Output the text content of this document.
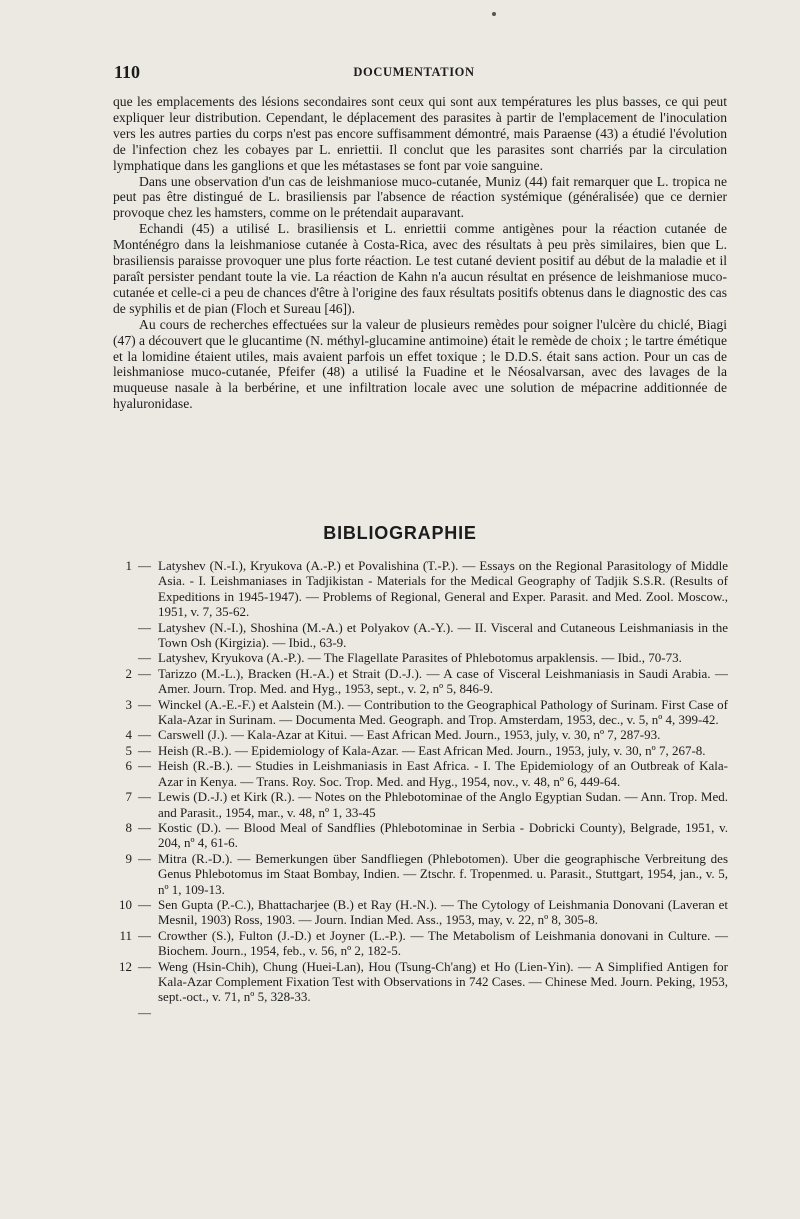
110	DOCUMENTATION

que les emplacements des lésions secondaires sont ceux qui sont aux températures les plus basses, ce qui peut expliquer leur distribution. Cependant, le déplacement des parasites à partir de l'emplacement de l'inoculation vers les autres parties du corps n'est pas encore suffisamment démontré, mais Paraense (43) a étudié l'évolution de l'infection chez les cobayes par L. enriettii. Il conclut que les parasites sont charriés par la circulation lymphatique dans les ganglions et que les métastases se font par voie sanguine.

Dans une observation d'un cas de leishmaniose muco-cutanée, Muniz (44) fait remarquer que L. tropica ne peut pas être distingué de L. brasiliensis par l'absence de réaction systémique (généralisée) que ce dernier provoque chez les hamsters, comme on le prétendait auparavant.

Echandi (45) a utilisé L. brasiliensis et L. enriettii comme antigènes pour la réaction cutanée de Monténégro dans la leishmaniose cutanée à Costa-Rica, avec des résultats à peu près similaires, bien que L. brasiliensis paraisse provoquer une plus forte réaction. Le test cutané devient positif au début de la maladie et il paraît persister pendant toute la vie. La réaction de Kahn n'a aucun résultat en présence de leishmaniose muco-cutanée et celle-ci a peu de chances d'être à l'origine des faux résultats positifs obtenus dans le diagnostic des cas de syphilis et de pian (Floch et Sureau [46]).

Au cours de recherches effectuées sur la valeur de plusieurs remèdes pour soigner l'ulcère du chiclé, Biagi (47) a découvert que le glucantime (N. méthyl-glucamine antimoine) était le remède de choix ; le tartre émétique et la lomidine étaient utiles, mais avaient parfois un effet toxique ; le D.D.S. était sans action. Pour un cas de leishmaniose muco-cutanée, Pfeifer (48) a utilisé la Fuadine et le Néosalvarsan, avec des lavages de la muqueuse nasale à la berbérine, et une infiltration locale avec une solution de mépacrine additionnée de hyaluronidase.

BIBLIOGRAPHIE
1 — Latyshev (N.-I.), Kryukova (A.-P.) et Povalishina (T.-P.). — Essays on the Regional Parasitology of Middle Asia. - I. Leishmaniases in Tadjikistan - Materials for the Medical Geography of Tadjik S.S.R. (Results of Expeditions in 1945-1947). — Problems of Regional, General and Exper. Parasit. and Med. Zool. Moscow., 1951, v. 7, 35-62.
— Latyshev (N.-I.), Shoshina (M.-A.) et Polyakov (A.-Y.). — II. Visceral and Cutaneous Leishmaniasis in the Town Osh (Kirgizia). — Ibid., 63-9.
— Latyshev, Kryukova (A.-P.). — The Flagellate Parasites of Phlebotomus arpaklensis. — Ibid., 70-73.
2 — Tarizzo (M.-L.), Bracken (H.-A.) et Strait (D.-J.). — A case of Visceral Leishmaniasis in Saudi Arabia. — Amer. Journ. Trop. Med. and Hyg., 1953, sept., v. 2, nº 5, 846-9.
3 — Winckel (A.-E.-F.) et Aalstein (M.). — Contribution to the Geographical Pathology of Surinam. First Case of Kala-Azar in Surinam. — Documenta Med. Geograph. and Trop. Amsterdam, 1953, dec., v. 5, nº 4, 399-42.
4 — Carswell (J.). — Kala-Azar at Kitui. — East African Med. Journ., 1953, july, v. 30, nº 7, 287-93.
5 — Heish (R.-B.). — Epidemiology of Kala-Azar. — East African Med. Journ., 1953, july, v. 30, nº 7, 267-8.
6 — Heish (R.-B.). — Studies in Leishmaniasis in East Africa. - I. The Epidemiology of an Outbreak of Kala-Azar in Kenya. — Trans. Roy. Soc. Trop. Med. and Hyg., 1954, nov., v. 48, nº 6, 449-64.
7 — Lewis (D.-J.) et Kirk (R.). — Notes on the Phlebotominae of the Anglo Egyptian Sudan. — Ann. Trop. Med. and Parasit., 1954, mar., v. 48, nº 1, 33-45
8 — Kostic (D.). — Blood Meal of Sandflies (Phlebotominae in Serbia - Dobricki County), Belgrade, 1951, v. 204, nº 4, 61-6.
9 — Mitra (R.-D.). — Bemerkungen über Sandfliegen (Phlebotomen). Uber die geographische Verbreitung des Genus Phlebotomus im Staat Bombay, Indien. — Ztschr. f. Tropenmed. u. Parasit., Stuttgart, 1954, jan., v. 5, nº 1, 109-13.
10 — Sen Gupta (P.-C.), Bhattacharjee (B.) et Ray (H.-N.). — The Cytology of Leishmania Donovani (Laveran et Mesnil, 1903) Ross, 1903. — Journ. Indian Med. Ass., 1953, may, v. 22, nº 8, 305-8.
11 — Crowther (S.), Fulton (J.-D.) et Joyner (L.-P.). — The Metabolism of Leishmania donovani in Culture. — Biochem. Journ., 1954, feb., v. 56, nº 2, 182-5.
12 — Weng (Hsin-Chih), Chung (Huei-Lan), Hou (Tsung-Ch'ang) et Ho (Lien-Yin). — A Simplified Antigen for Kala-Azar Complement Fixation Test with Observations in 742 Cases. — Chinese Med. Journ. Peking, 1953, sept.-oct., v. 71, nº 5, 328-33.
—
